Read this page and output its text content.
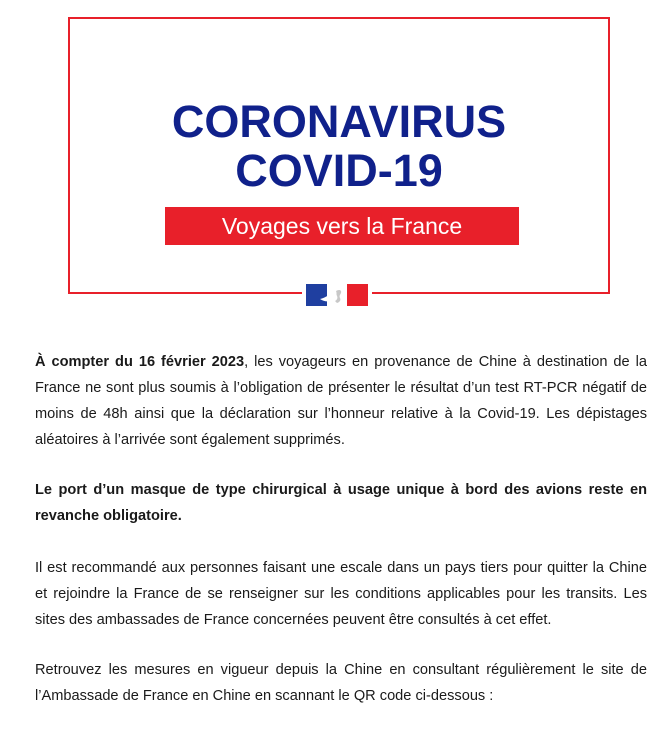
CORONAVIRUS
COVID-19
Voyages vers la France

À compter du 16 février 2023, les voyageurs en provenance de Chine à destination de la France ne sont plus soumis à l’obligation de présenter le résultat d’un test RT-PCR négatif de moins de 48h ainsi que la déclaration sur l’honneur relative à la Covid-19. Les dépistages aléatoires à l’arrivée sont également supprimés.

Le port d’un masque de type chirurgical à usage unique à bord des avions reste en revanche obligatoire.

Il est recommandé aux personnes faisant une escale dans un pays tiers pour quitter la Chine et rejoindre la France de se renseigner sur les conditions applicables pour les transits. Les sites des ambassades de France concernées peuvent être consultés à cet effet.

Retrouvez les mesures en vigueur depuis la Chine en consultant régulièrement le site de l’Ambassade de France en Chine en scannant le QR code ci-dessous :
